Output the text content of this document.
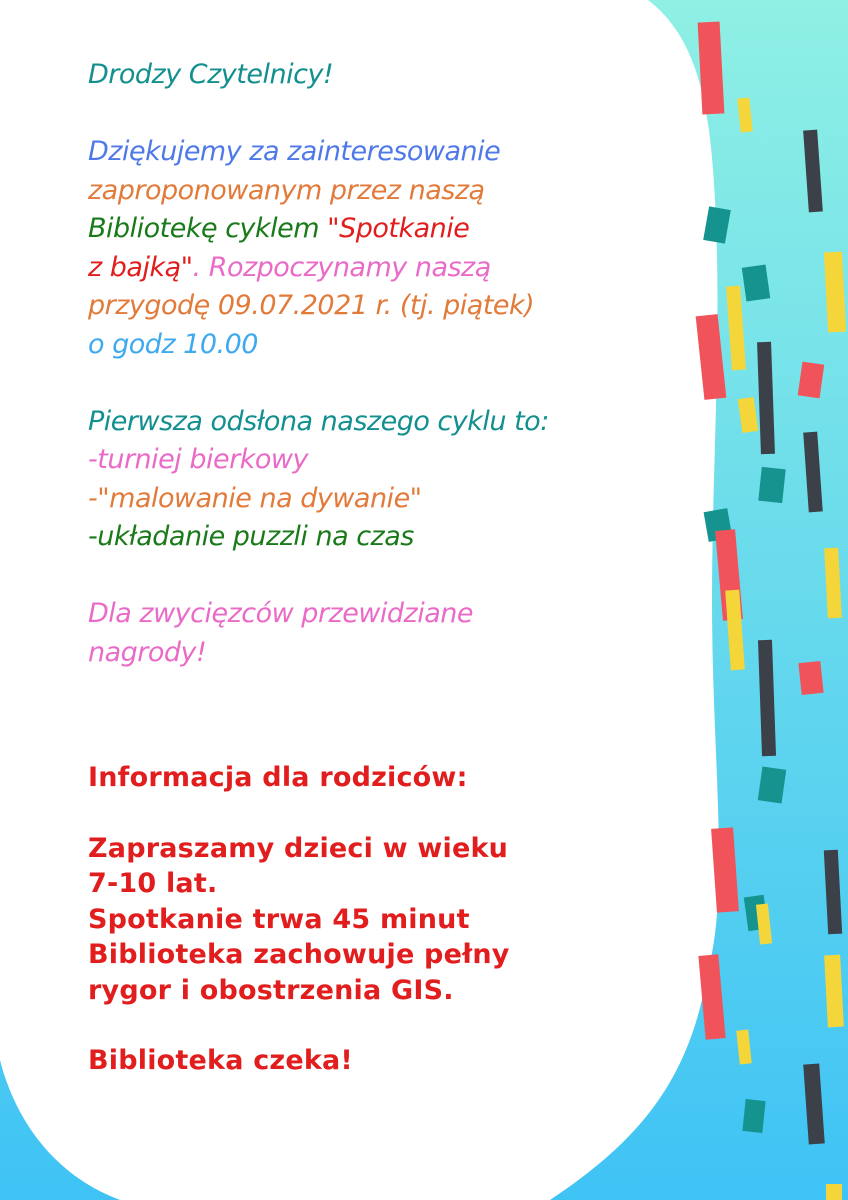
Drodzy Czytelnicy!
Dziękujemy za zainteresowanie
zaproponowanym przez naszą
Bibliotekę cyklem "Spotkanie
z bajką". Rozpoczynamy naszą
przygodę 09.07.2021 r. (tj. piątek)
o godz 10.00
Pierwsza odsłona naszego cyklu to:
-turniej bierkowy
-"malowanie na dywanie"
-układanie puzzli na czas
Dla zwycięzców przewidziane
nagrody!
Informacja dla rodziców:
Zapraszamy dzieci w wieku
7-10 lat.
Spotkanie trwa 45 minut
Biblioteka zachowuje pełny
rygor i obostrzenia GIS.
Biblioteka czeka!
